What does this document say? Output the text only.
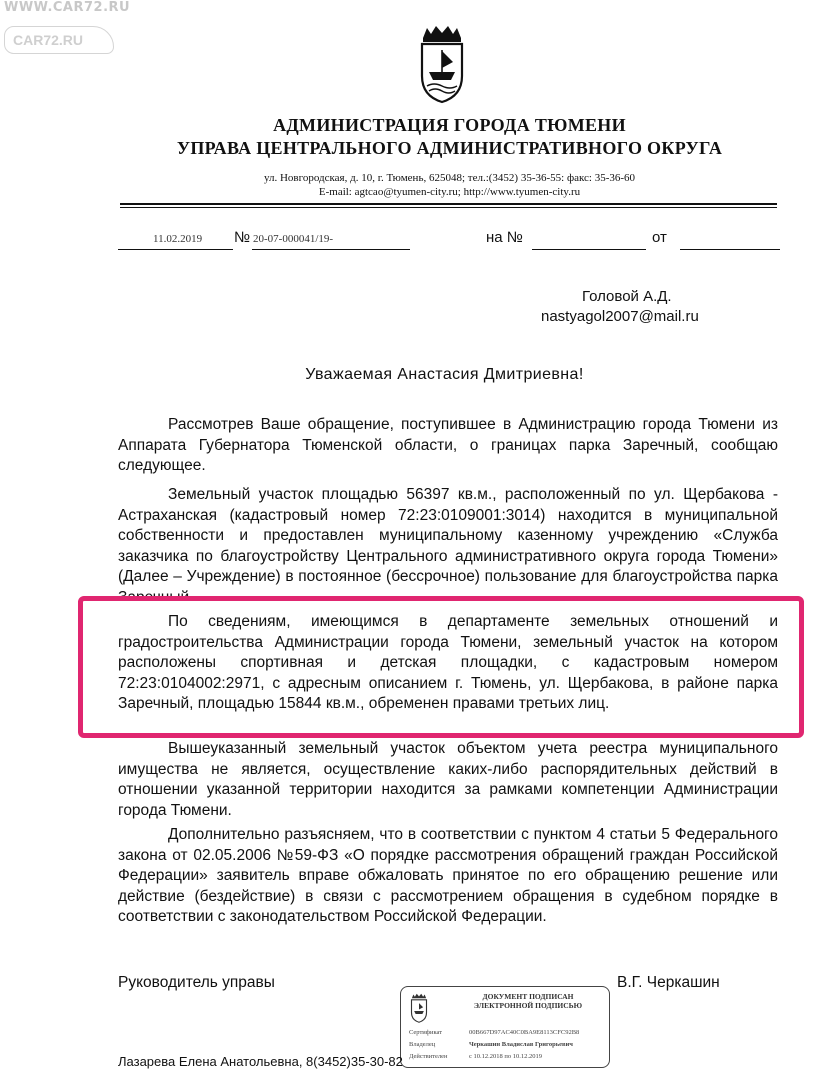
WWW.CAR72.RU
CAR72.RU
АДМИНИСТРАЦИЯ ГОРОДА ТЮМЕНИ
УПРАВА ЦЕНТРАЛЬНОГО АДМИНИСТРАТИВНОГО ОКРУГА
ул. Новгородская, д. 10, г. Тюмень, 625048; тел.:(3452) 35-36-55: факс: 35-36-60
E-mail: agtcao@tyumen-city.ru; http://www.tyumen-city.ru
11.02.2019 № 20-07-000041/19-	на №	от
Головой А.Д.
nastyagol2007@mail.ru
Уважаемая Анастасия Дмитриевна!
Рассмотрев Ваше обращение, поступившее в Администрацию города Тюмени из Аппарата Губернатора Тюменской области, о границах парка Заречный, сообщаю следующее.
Земельный участок площадью 56397 кв.м., расположенный по ул. Щербакова - Астраханская (кадастровый номер 72:23:0109001:3014) находится в муниципальной собственности и предоставлен муниципальному казенному учреждению «Служба заказчика по благоустройству Центрального административного округа города Тюмени» (Далее – Учреждение) в постоянное (бессрочное) пользование для благоустройства парка
По сведениям, имеющимся в департаменте земельных отношений и градостроительства Администрации города Тюмени, земельный участок на котором расположены спортивная и детская площадки, с кадастровым номером 72:23:0104002:2971, с адресным описанием г. Тюмень, ул. Щербакова, в районе парка Заречный, площадью 15844 кв.м., обременен правами третьих лиц.
Вышеуказанный земельный участок объектом учета реестра муниципального имущества не является, осуществление каких-либо распорядительных действий в отношении указанной территории находится за рамками компетенции Администрации города Тюмени.
Дополнительно разъясняем, что в соответствии с пунктом 4 статьи 5 Федерального закона от 02.05.2006 №59-ФЗ «О порядке рассмотрения обращений граждан Российской Федерации» заявитель вправе обжаловать принятое по его обращению решение или действие (бездействие) в связи с рассмотрением обращения в судебном порядке в соответствии с законодательством Российской Федерации.
Руководитель управы	В.Г. Черкашин
ДОКУМЕНТ ПОДПИСАН ЭЛЕКТРОННОЙ ПОДПИСЬЮ
Сертификат	00B667D97AC40C0BA9E8113CFC92B8
Владелец	Черкашин Владислав Григорьевич
Действителен	с 10.12.2018 по 10.12.2019
Лазарева Елена Анатольевна, 8(3452)35-30-82
